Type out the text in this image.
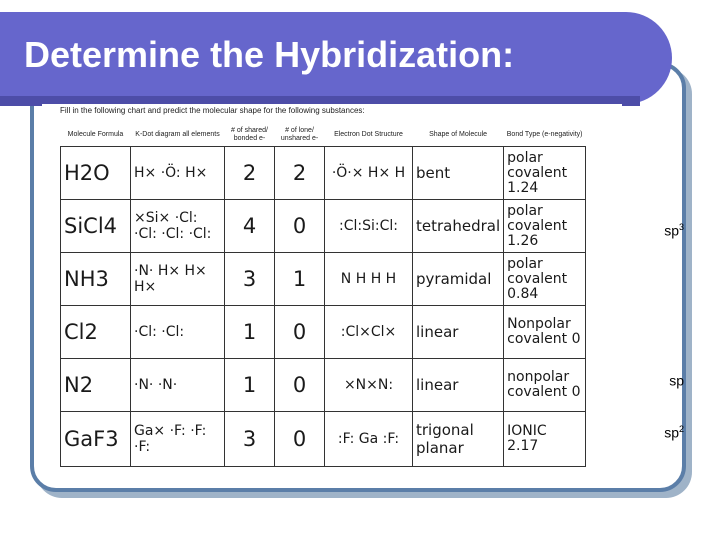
Determine the Hybridization:
Fill in the following chart and predict the molecular shape for the following substances:
Molecule Formula	K-Dot diagram all elements	# of shared/ bonded e-	# of lone/ unshared e-	Electron Dot Structure	Shape of Molecule	Bond Type (e-negativity)
H2O	H× ·Ö: H×	2	2	·Ö·× H× H	bent	polar covalent 1.24
SiCl4	×Si× ·Cl: ·Cl: ·Cl: ·Cl:	4	0	:Cl:Si:Cl:	tetrahedral	polar covalent 1.26
NH3	·N· H× H× H×	3	1	N H H H	pyramidal	polar covalent 0.84
Cl2	·Cl: ·Cl:	1	0	:Cl×Cl×	linear	Nonpolar covalent 0
N2	·N· ·N·	1	0	×N×N:	linear	nonpolar covalent 0
GaF3	Ga× ·F: ·F: ·F:	3	0	:F: Ga :F:	trigonal planar	IONIC 2.17
$sp^3$
sp
$sp^2$
